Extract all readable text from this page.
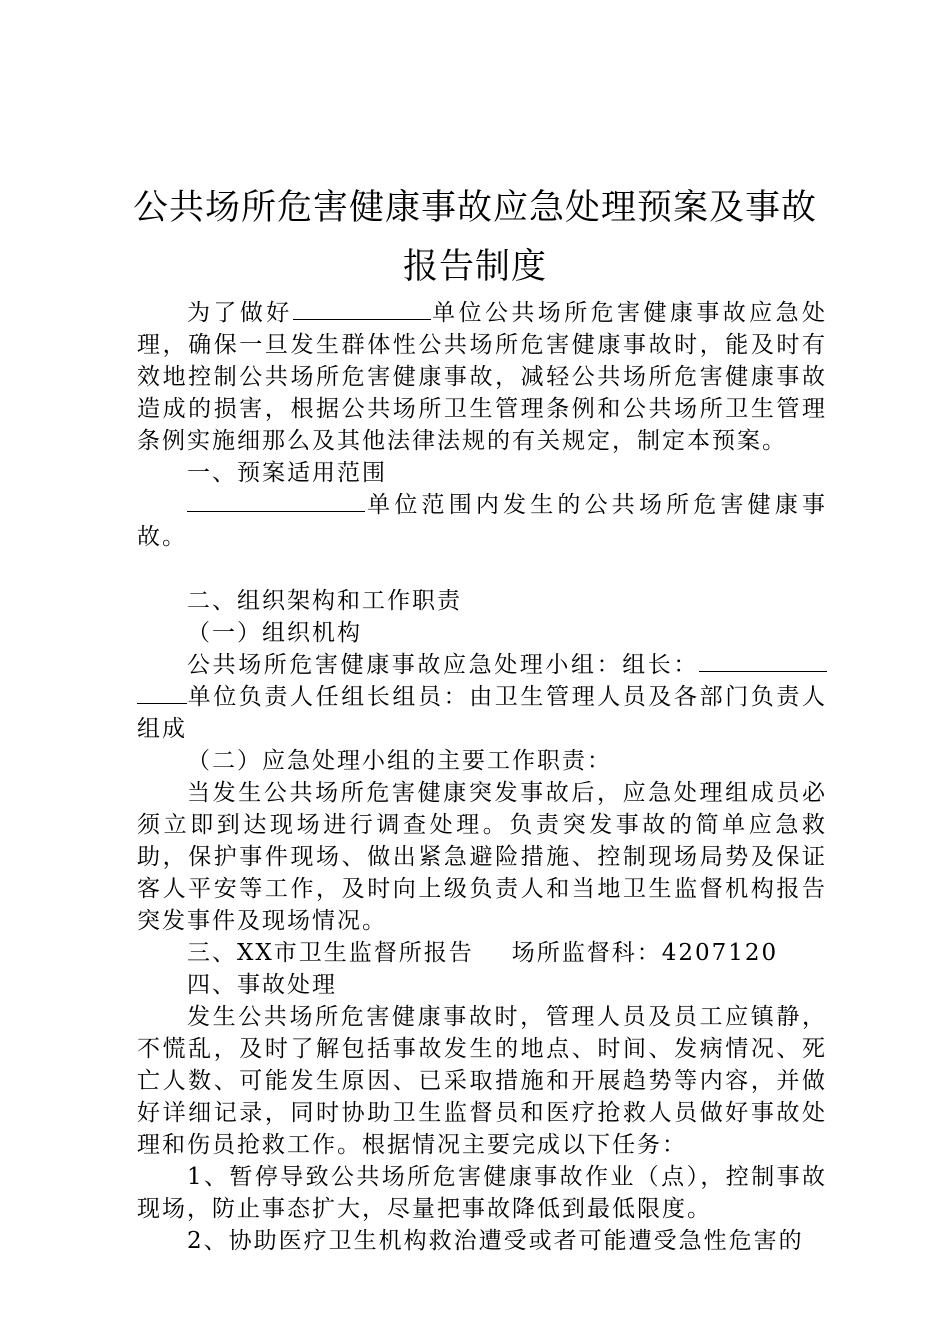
公共场所危害健康事故应急处理预案及事故
报告制度

为了做好	单位公共场所危害健康事故应急处理，确保一旦发生群体性公共场所危害健康事故时，能及时有效地控制公共场所危害健康事故，减轻公共场所危害健康事故造成的损害，根据公共场所卫生管理条例和公共场所卫生管理条例实施细那么及其他法律法规的有关规定，制定本预案。

一、预案适用范围

单位范围内发生的公共场所危害健康事故。

二、组织架构和工作职责

（一）组织机构

公共场所危害健康事故应急处理小组：组长：单位负责人任组长组员：由卫生管理人员及各部门负责人组成

（二）应急处理小组的主要工作职责：

当发生公共场所危害健康突发事故后，应急处理组成员必须立即到达现场进行调查处理。负责突发事故的简单应急救助，保护事件现场、做出紧急避险措施、控制现场局势及保证客人平安等工作，及时向上级负责人和当地卫生监督机构报告突发事件及现场情况。

三、XX市卫生监督所报告 场所监督科：4207120

四、事故处理

发生公共场所危害健康事故时，管理人员及员工应镇静，不慌乱，及时了解包括事故发生的地点、时间、发病情况、死亡人数、可能发生原因、已采取措施和开展趋势等内容，并做好详细记录，同时协助卫生监督员和医疗抢救人员做好事故处理和伤员抢救工作。根据情况主要完成以下任务：

1、暂停导致公共场所危害健康事故作业（点），控制事故现场，防止事态扩大，尽量把事故降低到最低限度。

2、协助医疗卫生机构救治遭受或者可能遭受急性危害的
